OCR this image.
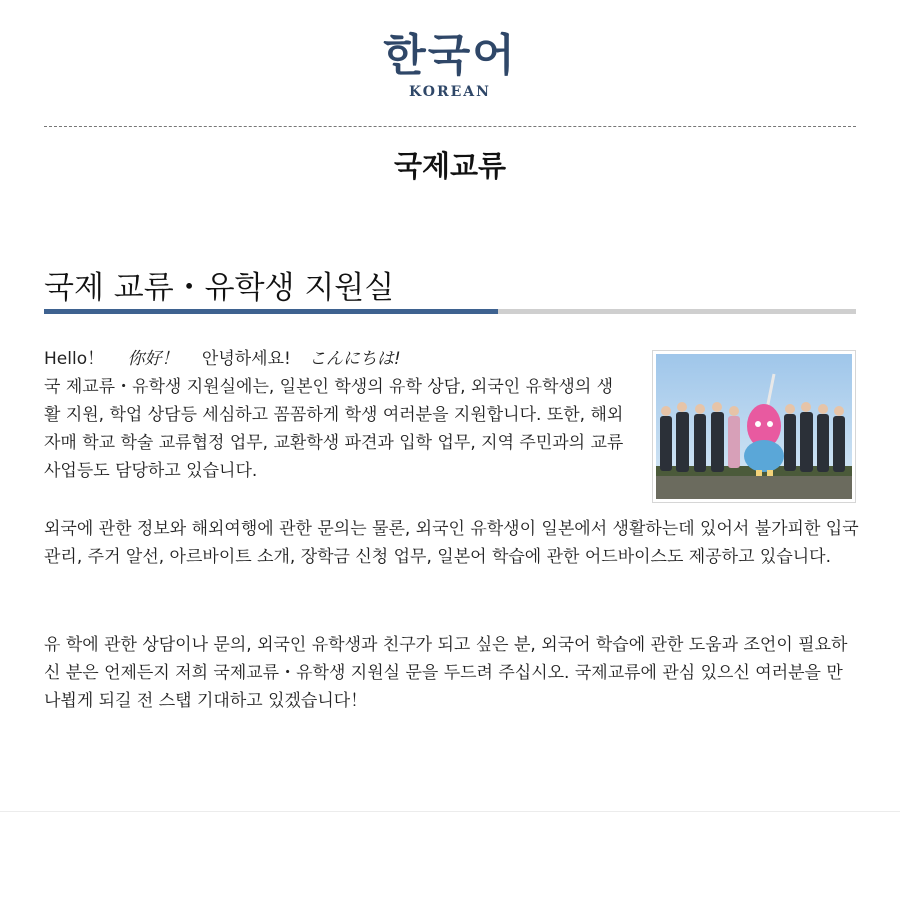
한국어
KOREAN
국제교류
국제 교류・유학생 지원실
Hello！ 你好！ 안녕하세요! こんにちは!
국 제교류・유학생 지원실에는, 일본인 학생의 유학 상담, 외국인 유학생의 생활 지원, 학업 상담등 세심하고 꼼꼼하게 학생 여러분을 지원합니다. 또한, 해외 자매 학교 학술 교류협정 업무, 교환학생 파견과 입학 업무, 지역 주민과의 교류 사업등도 담당하고 있습니다.
외국에 관한 정보와 해외여행에 관한 문의는 물론, 외국인 유학생이 일본에서 생활하는데 있어서 불가피한 입국 관리, 주거 알선, 아르바이트 소개, 장학금 신청 업무, 일본어 학습에 관한 어드바이스도 제공하고 있습니다.
유 학에 관한 상담이나 문의, 외국인 유학생과 친구가 되고 싶은 분, 외국어 학습에 관한 도움과 조언이 필요하신 분은 언제든지 저희 국제교류・유학생 지원실 문을 두드려 주십시오. 국제교류에 관심 있으신 여러분을 만나뵙게 되길 전 스탭 기대하고 있겠습니다！
